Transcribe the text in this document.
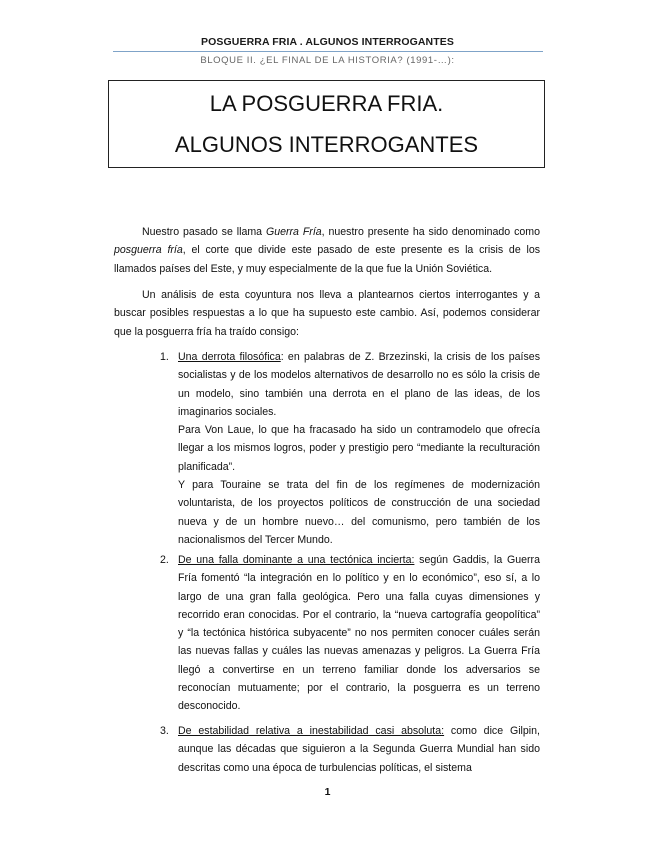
POSGUERRA FRIA . ALGUNOS INTERROGANTES
BLOQUE II. ¿EL FINAL DE LA HISTORIA? (1991-…):
LA POSGUERRA FRIA.
ALGUNOS INTERROGANTES
Nuestro pasado se llama Guerra Fría, nuestro presente ha sido denominado como posguerra fría, el corte que divide este pasado de este presente es la crisis de los llamados países del Este, y muy especialmente de la que fue la Unión Soviética.
Un análisis de esta coyuntura nos lleva a plantearnos ciertos interrogantes y a buscar posibles respuestas a lo que ha supuesto este cambio. Así, podemos considerar que la posguerra fría ha traído consigo:
1. Una derrota filosófica: en palabras de Z. Brzezinski, la crisis de los países socialistas y de los modelos alternativos de desarrollo no es sólo la crisis de un modelo, sino también una derrota en el plano de las ideas, de los imaginarios sociales.
Para Von Laue, lo que ha fracasado ha sido un contramodelo que ofrecía llegar a los mismos logros, poder y prestigio pero “mediante la reculturación planificada”.
Y para Touraine se trata del fin de los regímenes de modernización voluntarista, de los proyectos políticos de construcción de una sociedad nueva y de un hombre nuevo… del comunismo, pero también de los nacionalismos del Tercer Mundo.
2. De una falla dominante a una tectónica incierta: según Gaddis, la Guerra Fría fomentó “la integración en lo político y en lo económico”, eso sí, a lo largo de una gran falla geológica. Pero una falla cuyas dimensiones y recorrido eran conocidas. Por el contrario, la “nueva cartografía geopolítica” y “la tectónica histórica subyacente” no nos permiten conocer cuáles serán las nuevas fallas y cuáles las nuevas amenazas y peligros. La Guerra Fría llegó a convertirse en un terreno familiar donde los adversarios se reconocían mutuamente; por el contrario, la posguerra es un terreno desconocido.
3. De estabilidad relativa a inestabilidad casi absoluta: como dice Gilpin, aunque las décadas que siguieron a la Segunda Guerra Mundial han sido descritas como una época de turbulencias políticas, el sistema
1
